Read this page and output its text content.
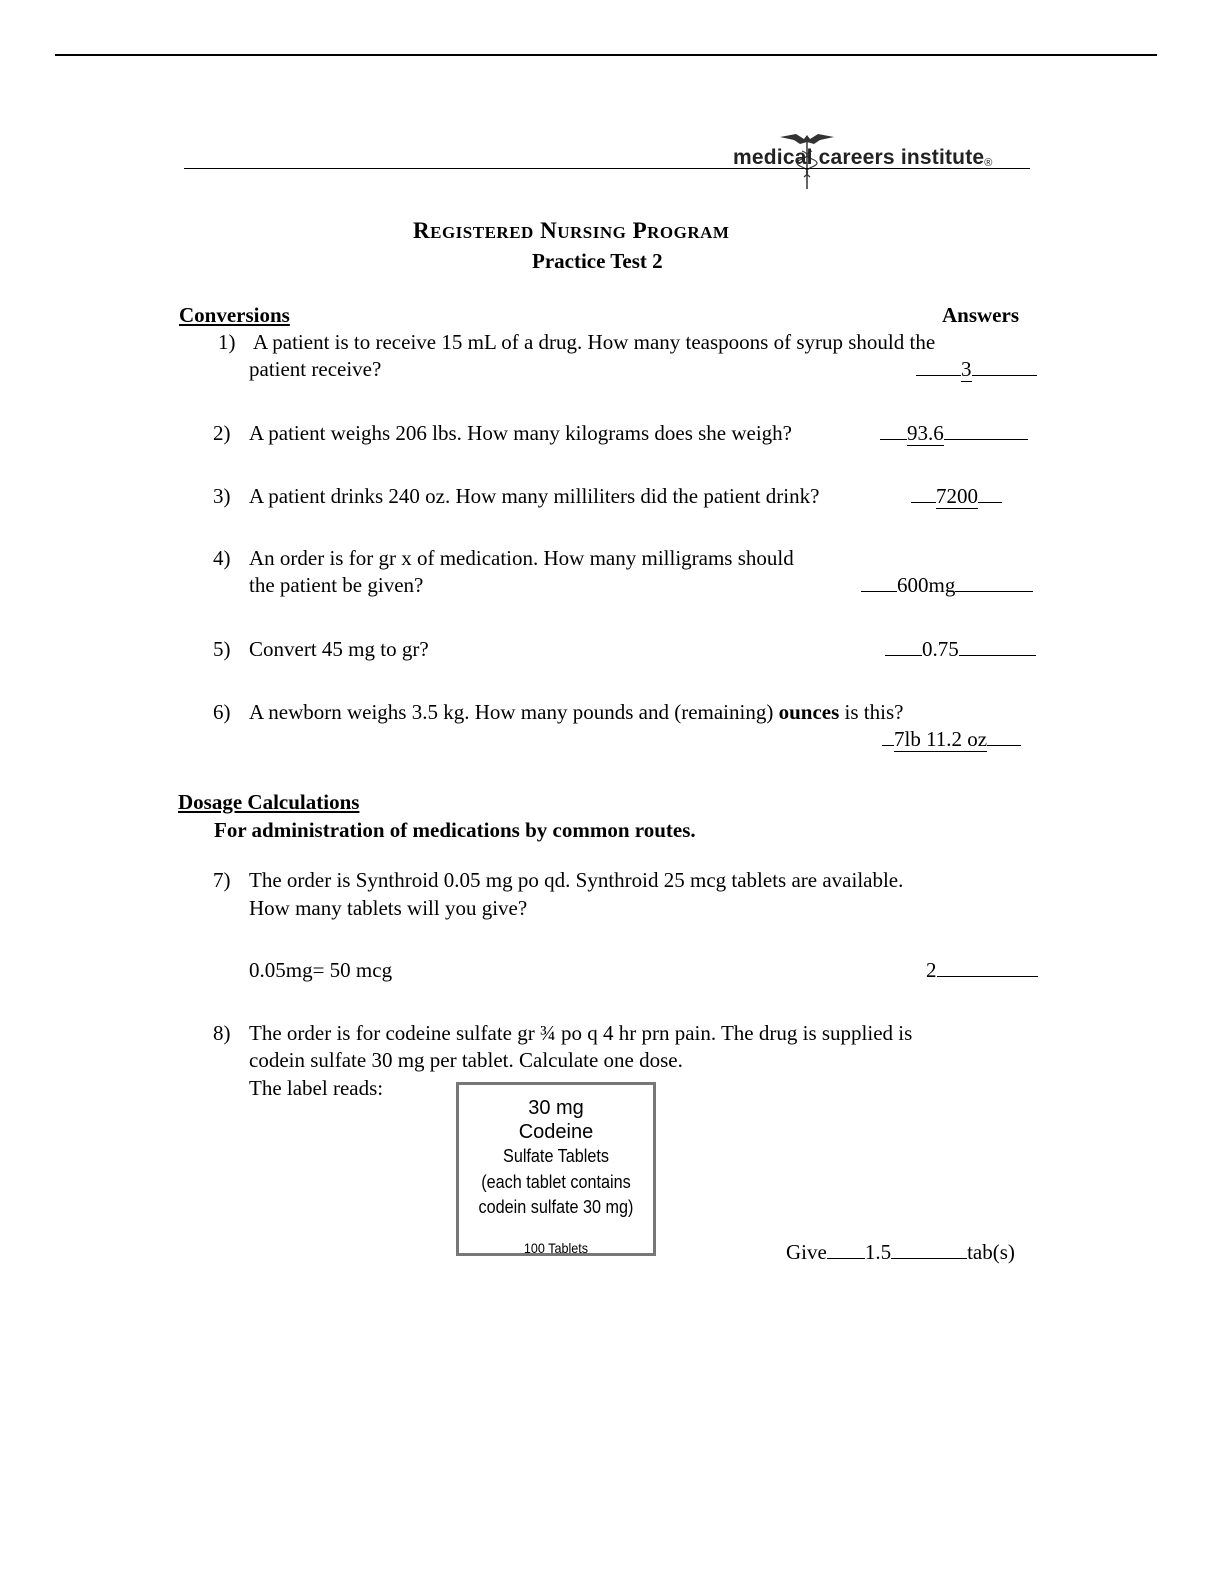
medical careers institute®
REGISTERED NURSING PROGRAM
Practice Test 2
Conversions	Answers
1) A patient is to receive 15 mL of a drug. How many teaspoons of syrup should the
patient receive?	3
2) A patient weighs 206 lbs. How many kilograms does she weigh?	93.6
3) A patient drinks 240 oz. How many milliliters did the patient drink?	7200
4) An order is for gr x of medication. How many milligrams should
the patient be given?	600mg
5) Convert 45 mg to gr?	0.75
6) A newborn weighs 3.5 kg. How many pounds and (remaining) ounces is this?
7lb 11.2 oz
Dosage Calculations
For administration of medications by common routes.
7) The order is Synthroid 0.05 mg po qd. Synthroid 25 mcg tablets are available.
How many tablets will you give?
0.05mg= 50 mcg	2
8) The order is for codeine sulfate gr ¾ po q 4 hr prn pain. The drug is supplied is
codein sulfate 30 mg per tablet. Calculate one dose.
The label reads:
30 mg
Codeine
Sulfate Tablets
(each tablet contains
codein sulfate 30 mg)
100 Tablets	Give 1.5	tab(s)
